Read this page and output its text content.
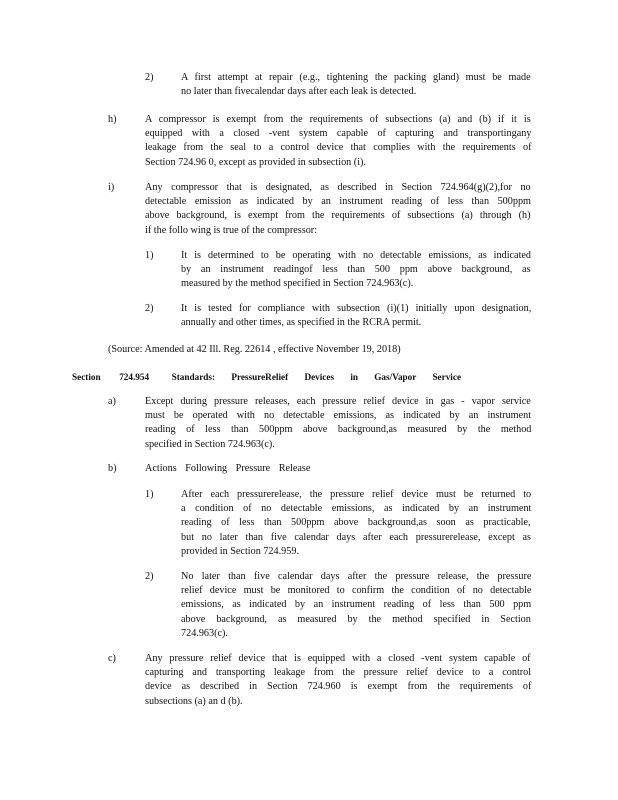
2)	A first attempt at repair (e.g., tightening the packing gland) must be made
no later than fivecalendar days after each leak is detected.
h)	A compressor is exempt from the requirements of subsections (a) and (b) if it is
equipped with a closed -vent system capable of capturing and transportingany
leakage from the seal to a control device that complies with the requirements of
Section 724.96 0, except as provided in subsection (i).
i)	Any compressor that is designated, as described in Section 724.964(g)(2),for no
detectable emission as indicated by an instrument reading of less than 500ppm
above background, is exempt from the requirements of subsections (a) through (h)
if the follo wing is true of the compressor:
1)	It is determined to be operating with no detectable emissions, as indicated
by an instrument readingof less than 500 ppm above background, as
measured by the method specified in Section 724.963(c).
2)	It is tested for compliance with subsection (i)(1) initially upon designation,
annually and other times, as specified in the RCRA permit.
(Source: Amended at 42 Ill. Reg. 22614 , effective November 19, 2018)
Section 724.954 Standards: PressureRelief Devices in Gas/Vapor Service
a)	Except during pressure releases, each pressure relief device in gas - vapor service
must be operated with no detectable emissions, as indicated by an instrument
reading of less than 500ppm above background,as measured by the method
specified in Section 724.963(c).
b)	Actions Following Pressure Release
1)	After each pressurerelease, the pressure relief device must be returned to
a condition of no detectable emissions, as indicated by an instrument
reading of less than 500ppm above background,as soon as practicable,
but no later than five calendar days after each pressurerelease, except as
provided in Section 724.959.
2)	No later than five calendar days after the pressure release, the pressure
relief device must be monitored to confirm the condition of no detectable
emissions, as indicated by an instrument reading of less than 500 ppm
above background, as measured by the method specified in Section
724.963(c).
c)	Any pressure relief device that is equipped with a closed -vent system capable of
capturing and transporting leakage from the pressure relief device to a control
device as described in Section 724.960 is exempt from the requirements of
subsections (a) an d (b).
